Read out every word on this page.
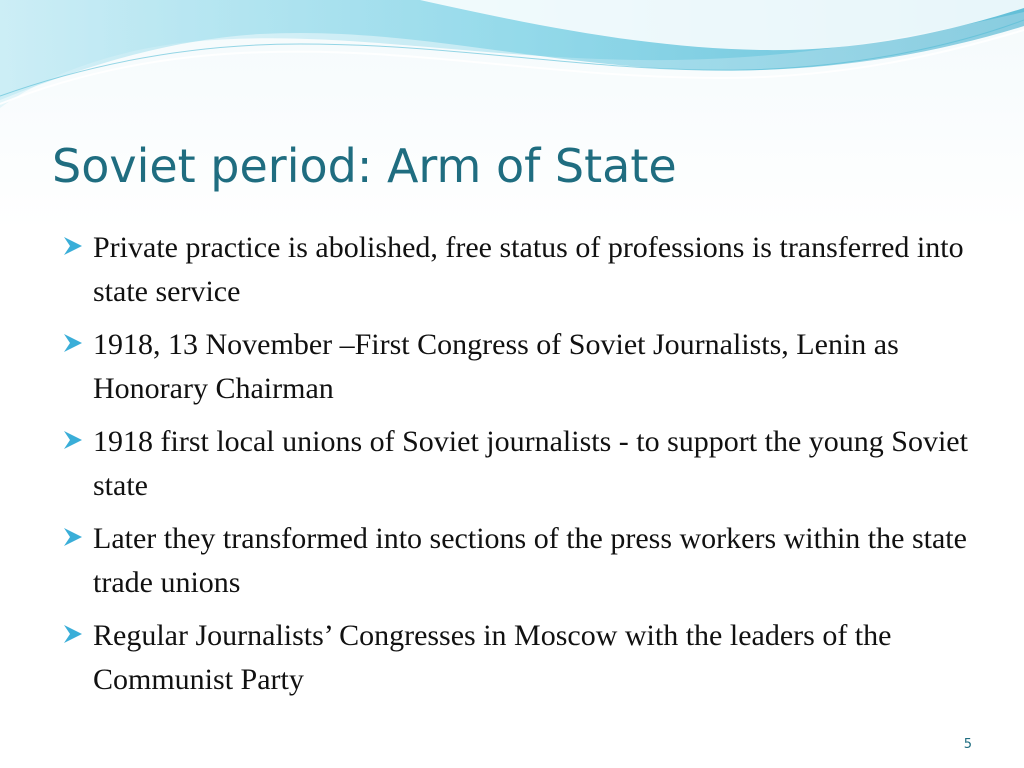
Soviet period: Arm of State
Private practice is abolished, free status of professions is transferred into state service
1918, 13 November –First Congress of Soviet Journalists, Lenin as Honorary Chairman
1918 first local unions of Soviet journalists - to support the young Soviet state
Later they transformed into sections of the press workers within the state trade unions
Regular Journalists’ Congresses in Moscow with the leaders of the Communist Party
5
